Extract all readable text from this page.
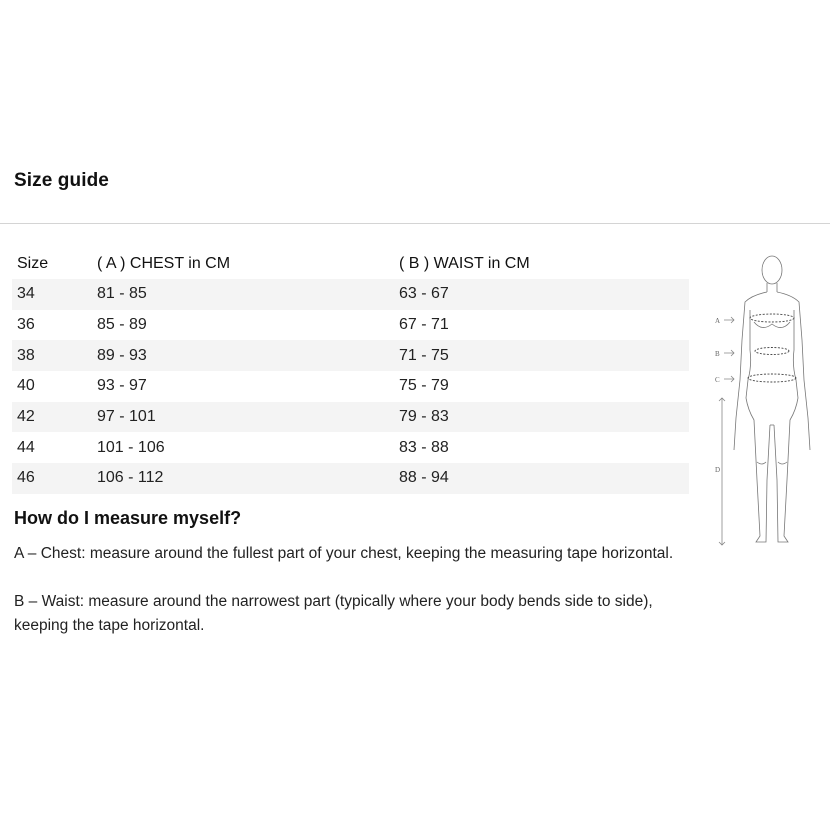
Size guide
Size	( A ) CHEST in CM	( B ) WAIST in CM
34	81 - 85	63 - 67
36	85 - 89	67 - 71
38	89 - 93	71 - 75
40	93 - 97	75 - 79
42	97 - 101	79 - 83
44	101 - 106	83 - 88
46	106 - 112	88 - 94
How do I measure myself?
A – Chest: measure around the fullest part of your chest, keeping the measuring tape horizontal.
B – Waist: measure around the narrowest part (typically where your body bends side to side), keeping the tape horizontal.
A
B
C
D
